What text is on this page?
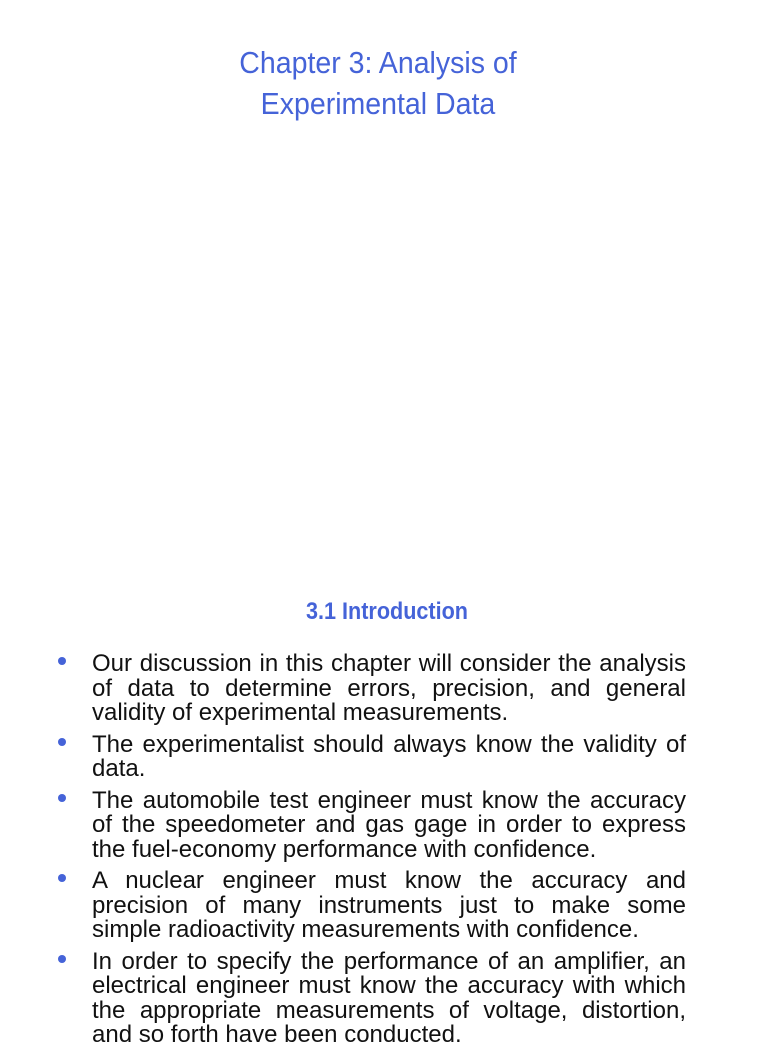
Chapter 3: Analysis of
Experimental Data
3.1 Introduction
Our discussion in this chapter will consider the analysis of data to determine errors, precision, and general validity of experimental measurements.
The experimentalist should always know the validity of data.
The automobile test engineer must know the accuracy of the speedometer and gas gage in order to express the fuel-economy performance with confidence.
A nuclear engineer must know the accuracy and precision of many instruments just to make some simple radioactivity measurements with confidence.
In order to specify the performance of an amplifier, an electrical engineer must know the accuracy with which the appropriate measurements of voltage, distortion, and so forth have been conducted.
